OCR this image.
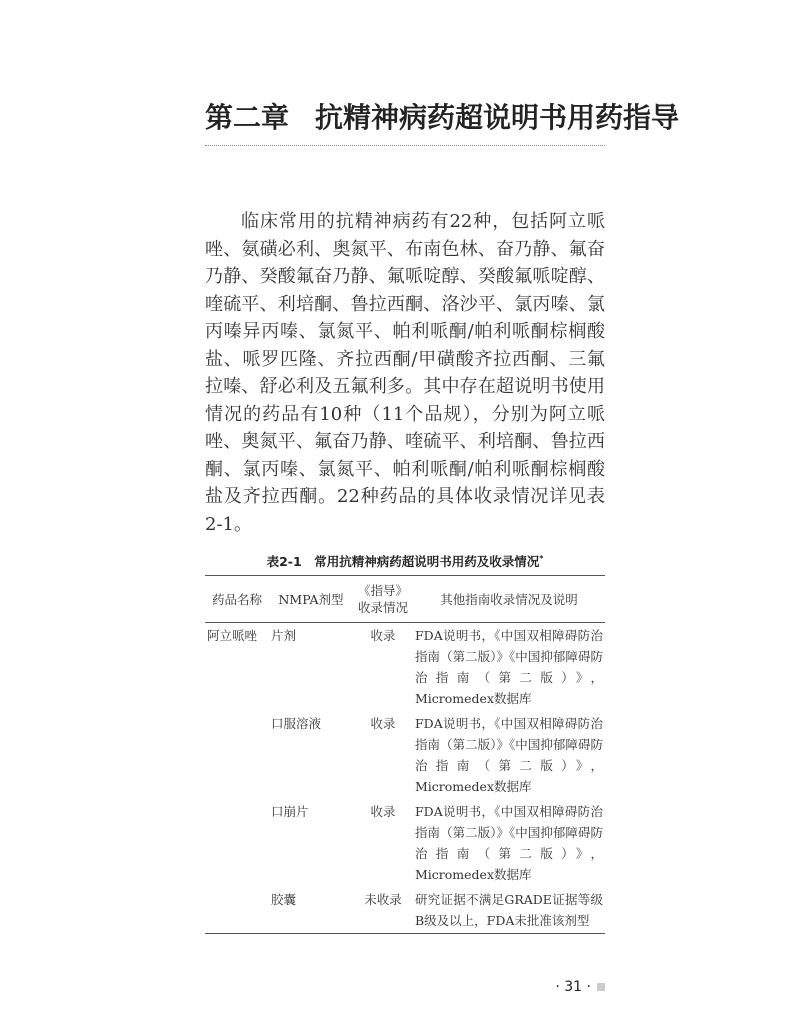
第二章 抗精神病药超说明书用药指导
临床常用的抗精神病药有22种，包括阿立哌唑、氨磺必利、奥氮平、布南色林、奋乃静、氟奋乃静、癸酸氟奋乃静、氟哌啶醇、癸酸氟哌啶醇、喹硫平、利培酮、鲁拉西酮、洛沙平、氯丙嗪、氯丙嗪异丙嗪、氯氮平、帕利哌酮/帕利哌酮棕榈酸盐、哌罗匹隆、齐拉西酮/甲磺酸齐拉西酮、三氟拉嗪、舒必利及五氟利多。其中存在超说明书使用情况的药品有10种（11个品规），分别为阿立哌唑、奥氮平、氟奋乃静、喹硫平、利培酮、鲁拉西酮、氯丙嗪、氯氮平、帕利哌酮/帕利哌酮棕榈酸盐及齐拉西酮。22种药品的具体收录情况详见表2-1。
表2-1　常用抗精神病药超说明书用药及收录情况*
药品名称	NMPA剂型	《指导》收录情况	其他指南收录情况及说明
阿立哌唑	片剂	收录	FDA说明书，《中国双相障碍防治指南（第二版）》《中国抑郁障碍防治指南（第二版）》，Micromedex数据库
	口服溶液	收录	FDA说明书，《中国双相障碍防治指南（第二版）》《中国抑郁障碍防治指南（第二版）》，Micromedex数据库
	口崩片	收录	FDA说明书，《中国双相障碍防治指南（第二版）》《中国抑郁障碍防治指南（第二版）》，Micromedex数据库
	胶囊	未收录	研究证据不满足GRADE证据等级B级及以上，FDA未批准该剂型
· 31 ·
